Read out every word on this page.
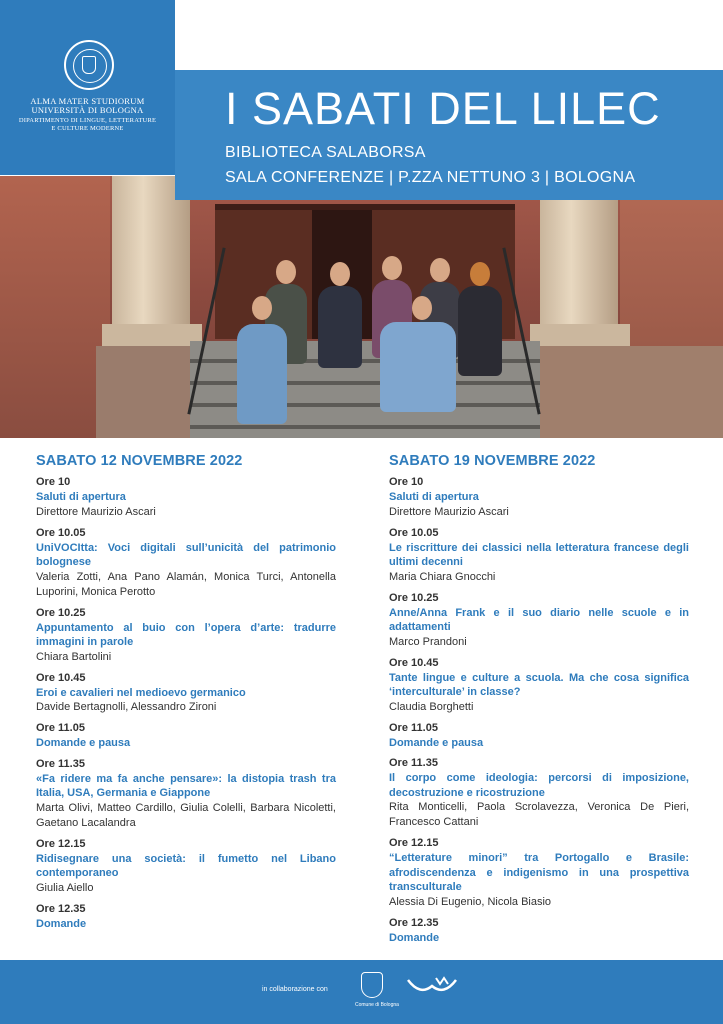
ALMA MATER STUDIORUM
UNIVERSITÀ DI BOLOGNA
DIPARTIMENTO DI LINGUE, LETTERATURE
E CULTURE MODERNE	I SABATI DEL LILEC
BIBLIOTECA SALABORSA
SALA CONFERENZE | P.ZZA NETTUNO 3 | BOLOGNA
SABATO 12 NOVEMBRE 2022
Ore 10
Saluti di apertura
Direttore Maurizio Ascari
Ore 10.05
UniVOCItta: Voci digitali sull’unicità del patrimonio bolognese
Valeria Zotti, Ana Pano Alamán, Monica Turci, Antonella Luporini, Monica Perotto
Ore 10.25
Appuntamento al buio con l’opera d’arte: tradurre immagini in parole
Chiara Bartolini
Ore 10.45
Eroi e cavalieri nel medioevo germanico
Davide Bertagnolli, Alessandro Zironi
Ore 11.05
Domande e pausa
Ore 11.35
«Fa ridere ma fa anche pensare»: la distopia trash tra Italia, USA, Germania e Giappone
Marta Olivi, Matteo Cardillo, Giulia Colelli, Barbara Nicoletti, Gaetano Lacalandra
Ore 12.15
Ridisegnare una società: il fumetto nel Libano contemporaneo
Giulia Aiello
Ore 12.35
Domande
SABATO 19 NOVEMBRE 2022
Ore 10
Saluti di apertura
Direttore Maurizio Ascari
Ore 10.05
Le riscritture dei classici nella letteratura francese degli ultimi decenni
Maria Chiara Gnocchi
Ore 10.25
Anne/Anna Frank e il suo diario nelle scuole e in adattamenti
Marco Prandoni
Ore 10.45
Tante lingue e culture a scuola. Ma che cosa significa ‘interculturale’ in classe?
Claudia Borghetti
Ore 11.05
Domande e pausa
Ore 11.35
Il corpo come ideologia: percorsi di imposizione, decostruzione e ricostruzione
Rita Monticelli, Paola Scrolavezza, Veronica De Pieri, Francesco Cattani
Ore 12.15
“Letterature minori” tra Portogallo e Brasile: afrodiscendenza e indigenismo in una prospettiva transculturale
Alessia Di Eugenio, Nicola Biasio
Ore 12.35
Domande
in collaborazione con
Comune di Bologna
